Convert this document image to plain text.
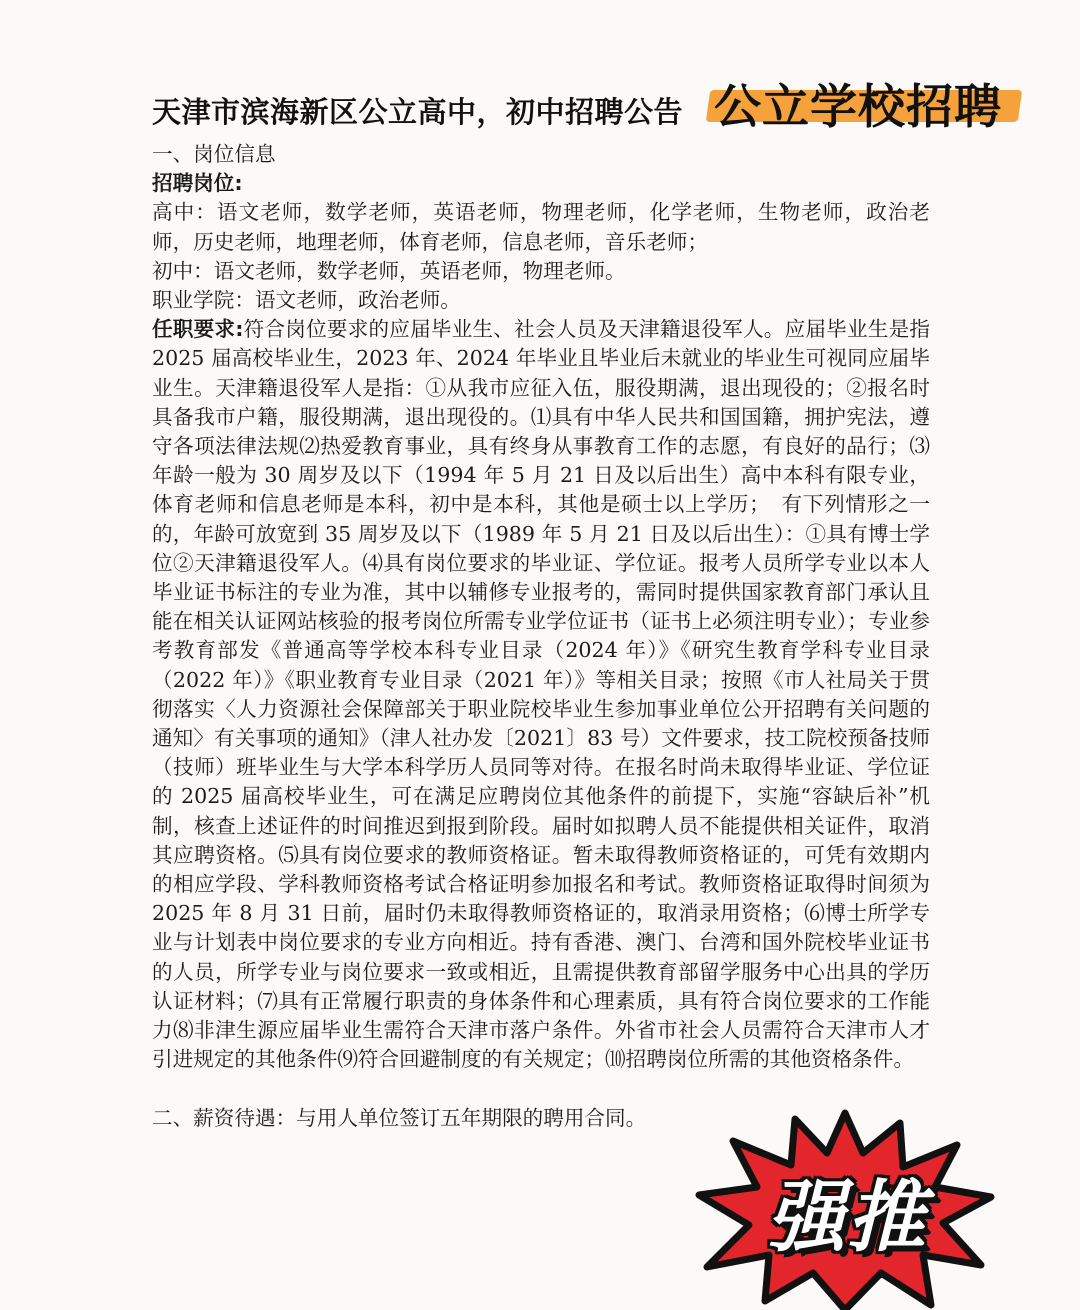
天津市滨海新区公立高中，初中招聘公告 公立学校招聘

一、岗位信息

招聘岗位:

高中：语文老师，数学老师，英语老师，物理老师，化学老师，生物老师，政治老师，历史老师，地理老师，体育老师，信息老师，音乐老师；

初中：语文老师，数学老师，英语老师，物理老师。

职业学院：语文老师，政治老师。

任职要求:符合岗位要求的应届毕业生、社会人员及天津籍退役军人。应届毕业生是指 2025 届高校毕业生，2023 年、2024 年毕业且毕业后未就业的毕业生可视同应届毕业生。天津籍退役军人是指：①从我市应征入伍，服役期满，退出现役的；②报名时具备我市户籍，服役期满，退出现役的。⑴具有中华人民共和国国籍，拥护宪法，遵守各项法律法规⑵热爱教育事业，具有终身从事教育工作的志愿，有良好的品行；⑶年龄一般为 30 周岁及以下（1994 年 5 月 21 日及以后出生）高中本科有限专业，体育老师和信息老师是本科，初中是本科，其他是硕士以上学历；　有下列情形之一的，年龄可放宽到 35 周岁及以下（1989 年 5 月 21 日及以后出生）：①具有博士学位②天津籍退役军人。⑷具有岗位要求的毕业证、学位证。报考人员所学专业以本人毕业证书标注的专业为准，其中以辅修专业报考的，需同时提供国家教育部门承认且能在相关认证网站核验的报考岗位所需专业学位证书（证书上必须注明专业）；专业参考教育部发《普通高等学校本科专业目录（2024 年）》《研究生教育学科专业目录（2022 年）》《职业教育专业目录（2021 年）》等相关目录；按照《市人社局关于贯彻落实〈人力资源社会保障部关于职业院校毕业生参加事业单位公开招聘有关问题的通知〉有关事项的通知》（津人社办发〔2021〕83 号）文件要求，技工院校预备技师（技师）班毕业生与大学本科学历人员同等对待。在报名时尚未取得毕业证、学位证的 2025 届高校毕业生，可在满足应聘岗位其他条件的前提下，实施“容缺后补”机制，核查上述证件的时间推迟到报到阶段。届时如拟聘人员不能提供相关证件，取消其应聘资格。⑸具有岗位要求的教师资格证。暂未取得教师资格证的，可凭有效期内的相应学段、学科教师资格考试合格证明参加报名和考试。教师资格证取得时间须为 2025 年 8 月 31 日前，届时仍未取得教师资格证的，取消录用资格；⑹博士所学专业与计划表中岗位要求的专业方向相近。持有香港、澳门、台湾和国外院校毕业证书的人员，所学专业与岗位要求一致或相近，且需提供教育部留学服务中心出具的学历认证材料；⑺具有正常履行职责的身体条件和心理素质，具有符合岗位要求的工作能力⑻非津生源应届毕业生需符合天津市落户条件。外省市社会人员需符合天津市人才引进规定的其他条件⑼符合回避制度的有关规定；⑽招聘岗位所需的其他资格条件。

二、薪资待遇：与用人单位签订五年期限的聘用合同。

强推
